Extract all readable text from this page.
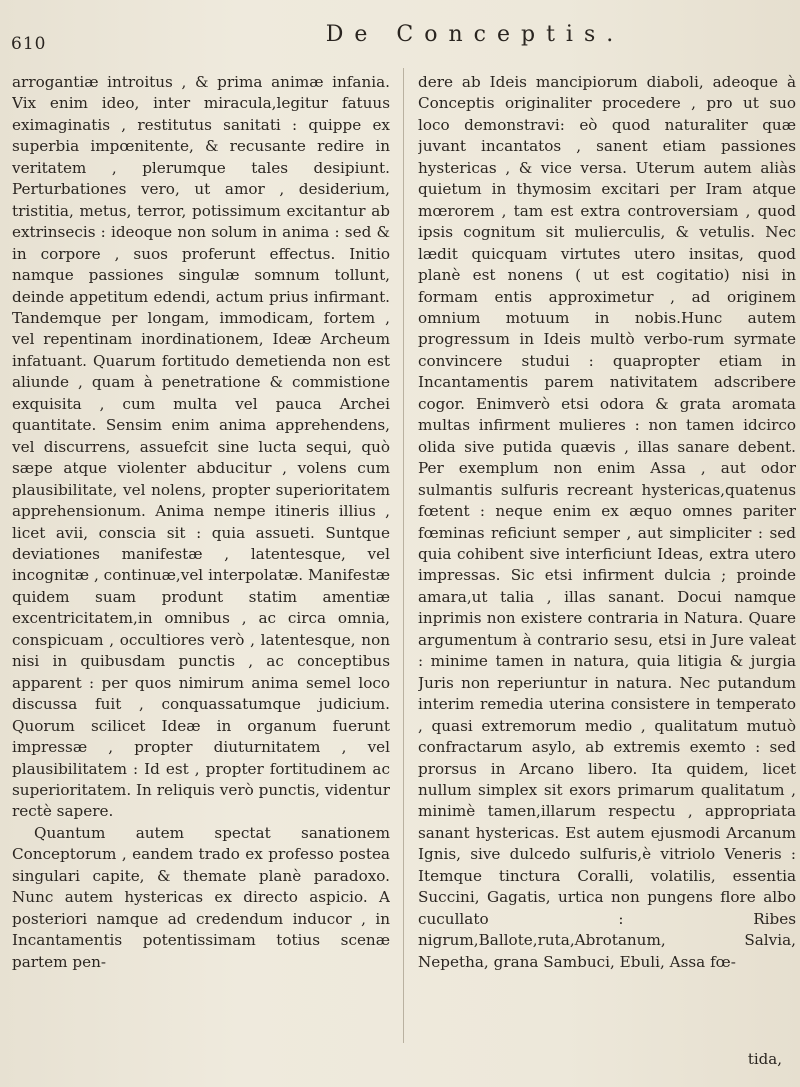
610	De Conceptis.

arrogantiæ introitus , & prima animæ infania. Vix enim ideo, inter miracula,legitur fatuus eximaginatis , restitutus sanitati : quippe ex superbia impœnitente, & recusante redire in veritatem , plerumque tales desipiunt. Perturbationes vero, ut amor , desiderium, tristitia, metus, terror, potissimum excitantur ab extrinsecis : ideoque non solum in anima : sed & in corpore , suos proferunt effectus. Initio namque passiones singulæ somnum tollunt, deinde appetitum edendi, actum prius infirmant. Tandemque per longam, immodicam, fortem , vel repentinam inordinationem, Ideæ Archeum infatuant. Quarum fortitudo demetienda non est aliunde , quam à penetratione & commistione exquisita , cum multa vel pauca Archei quantitate. Sensim enim anima apprehendens, vel discurrens, assuefcit sine lucta sequi, quò sæpe atque violenter abducitur , volens cum plausibilitate, vel nolens, propter superioritatem apprehensionum. Anima nempe itineris illius , licet avii, conscia sit : quia assueti. Suntque deviationes manifestæ , latentesque, vel incognitæ , continuæ,vel interpolatæ. Manifestæ quidem suam produnt statim amentiæ excentricitatem,in omnibus , ac circa omnia, conspicuam , occultiores verò , latentesque, non nisi in quibusdam punctis , ac conceptibus apparent : per quos nimirum anima semel loco discussa fuit , conquassatumque judicium. Quorum scilicet Ideæ in organum fuerunt impressæ , propter diuturnitatem , vel plausibilitatem : Id est , propter fortitudinem ac superioritatem. In reliquis verò punctis, videntur rectè sapere.

Quantum autem spectat sanationem Conceptorum , eandem trado ex professo postea singulari capite, & themate planè paradoxo. Nunc autem hystericas ex directo aspicio. A posteriori namque ad credendum inducor , in Incantamentis potentissimam totius scenæ partem pen-

dere ab Ideis mancipiorum diaboli, adeoque à Conceptis originaliter procedere , pro ut suo loco demonstravi: eò quod naturaliter quæ juvant incantatos , sanent etiam passiones hystericas , & vice versa. Uterum autem aliàs quietum in thymosim excitari per Iram atque mœrorem , tam est extra controversiam , quod ipsis cognitum sit mulierculis, & vetulis. Nec lædit quicquam virtutes utero insitas, quod planè est nonens ( ut est cogitatio) nisi in formam entis approximetur , ad originem omnium motuum in nobis.Hunc autem progressum in Ideis multò verbo-rum syrmate convincere studui : quapropter etiam in Incantamentis parem nativitatem adscribere cogor. Enimverò etsi odora & grata aromata multas infirment mulieres : non tamen idcirco olida sive putida quævis , illas sanare debent. Per exemplum non enim Assa , aut odor sulmantis sulfuris recreant hystericas,quatenus fœtent : neque enim ex æquo omnes pariter fœminas reficiunt semper , aut simpliciter : sed quia cohibent sive interficiunt Ideas, extra utero impressas. Sic etsi infirment dulcia ; proinde amara,ut talia , illas sanant. Docui namque inprimis non existere contraria in Natura. Quare argumentum à contrario sesu, etsi in Jure valeat : minime tamen in natura, quia litigia & jurgia Juris non reperiuntur in natura. Nec putandum interim remedia uterina consistere in temperato , quasi extremorum medio , qualitatum mutuò confractarum asylo, ab extremis exemto : sed prorsus in Arcano libero. Ita quidem, licet nullum simplex sit exors primarum qualitatum , minimè tamen,illarum respectu , appropriata sanant hystericas. Est autem ejusmodi Arcanum Ignis, sive dulcedo sulfuris,è vitriolo Veneris : Itemque tinctura Coralli, volatilis, essentia Succini, Gagatis, urtica non pungens flore albo cucullato : Ribes nigrum,Ballote,ruta,Abrotanum, Salvia, Nepetha, grana Sambuci, Ebuli, Assa fœ-

tida,
